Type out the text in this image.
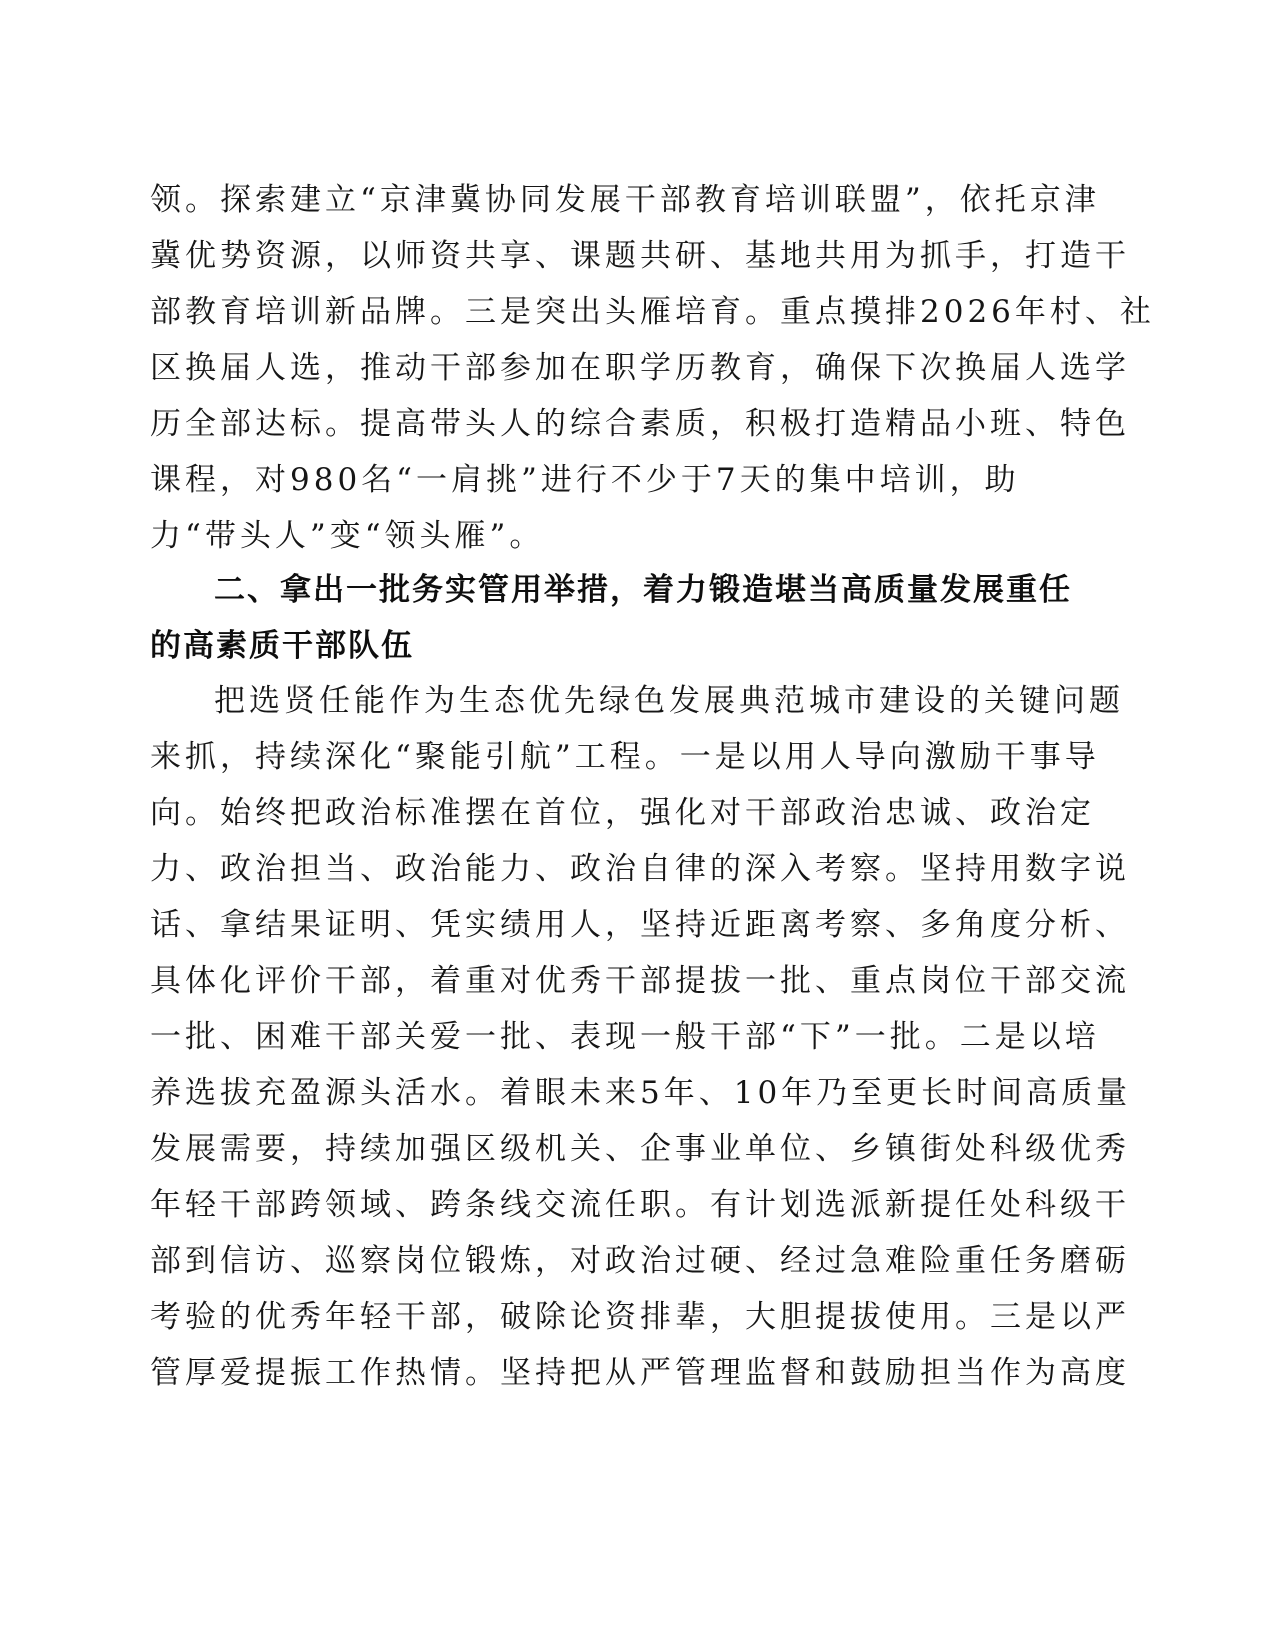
领。探索建立“京津冀协同发展干部教育培训联盟”，依托京津
冀优势资源，以师资共享、课题共研、基地共用为抓手，打造干
部教育培训新品牌。三是突出头雁培育。重点摸排2026年村、社
区换届人选，推动干部参加在职学历教育，确保下次换届人选学
历全部达标。提高带头人的综合素质，积极打造精品小班、特色
课程，对980名“一肩挑”进行不少于7天的集中培训，助
力“带头人”变“领头雁”。
二、拿出一批务实管用举措，着力锻造堪当高质量发展重任
的高素质干部队伍
把选贤任能作为生态优先绿色发展典范城市建设的关键问题
来抓，持续深化“聚能引航”工程。一是以用人导向激励干事导
向。始终把政治标准摆在首位，强化对干部政治忠诚、政治定
力、政治担当、政治能力、政治自律的深入考察。坚持用数字说
话、拿结果证明、凭实绩用人，坚持近距离考察、多角度分析、
具体化评价干部，着重对优秀干部提拔一批、重点岗位干部交流
一批、困难干部关爱一批、表现一般干部“下”一批。二是以培
养选拔充盈源头活水。着眼未来5年、10年乃至更长时间高质量
发展需要，持续加强区级机关、企事业单位、乡镇街处科级优秀
年轻干部跨领域、跨条线交流任职。有计划选派新提任处科级干
部到信访、巡察岗位锻炼，对政治过硬、经过急难险重任务磨砺
考验的优秀年轻干部，破除论资排辈，大胆提拔使用。三是以严
管厚爱提振工作热情。坚持把从严管理监督和鼓励担当作为高度
